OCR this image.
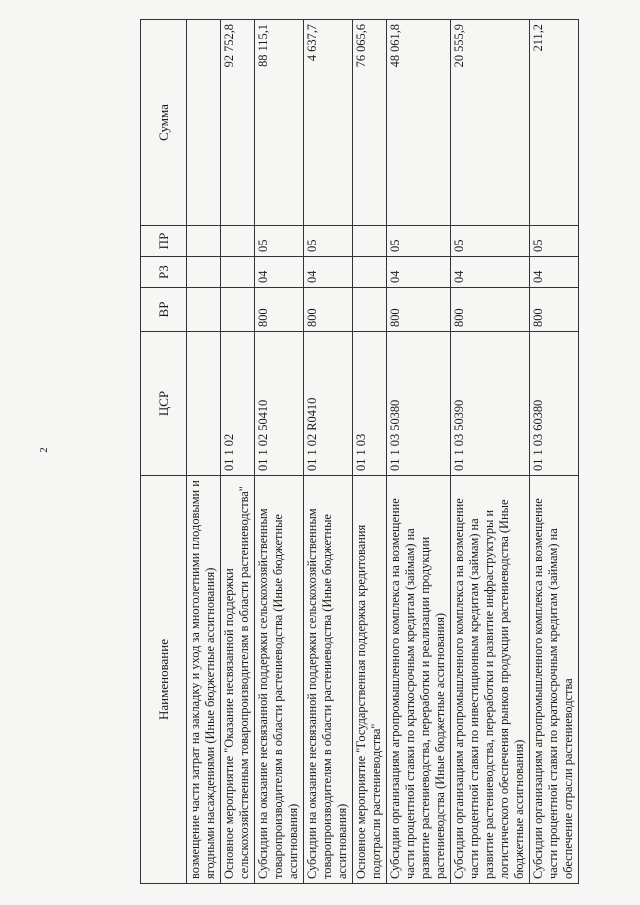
2
Наименование	ЦСР	ВР	РЗ	ПР	Сумма
возмещение части затрат на закладку и уход за многолетними плодовыми и ягодными насаждениями (Иные бюджетные ассигнования)					
Основное мероприятие "Оказание несвязанной поддержки сельскохозяйственным товаропроизводителям в области растениеводства"	01 1 02				92 752,8
Субсидии на оказание несвязанной поддержки сельскохозяйственным товаропроизводителям в области растениеводства (Иные бюджетные ассигнования)	01 1 02 50410	800	04	05	88 115,1
Субсидии на оказание несвязанной поддержки сельскохозяйственным товаропроизводителям в области растениеводства (Иные бюджетные ассигнования)	01 1 02 R0410	800	04	05	4 637,7
Основное мероприятие "Государственная поддержка кредитования подотрасли растениеводства"	01 1 03				76 065,6
Субсидии организациям агропромышленного комплекса на возмещение части процентной ставки по краткосрочным кредитам (займам) на развитие растениеводства, переработки и реализации продукции растениеводства (Иные бюджетные ассигнования)	01 1 03 50380	800	04	05	48 061,8
Субсидии организациям агропромышленного комплекса на возмещение части процентной ставки по инвестиционным кредитам (займам) на развитие растениеводства, переработки и развитие инфраструктуры и логистического обеспечения рынков продукции растениеводства (Иные бюджетные ассигнования)	01 1 03 50390	800	04	05	20 555,9
Субсидии организациям агропромышленного комплекса на возмещение части процентной ставки по краткосрочным кредитам (займам) на обеспечение отрасли растениеводства	01 1 03 60380	800	04	05	211,2
